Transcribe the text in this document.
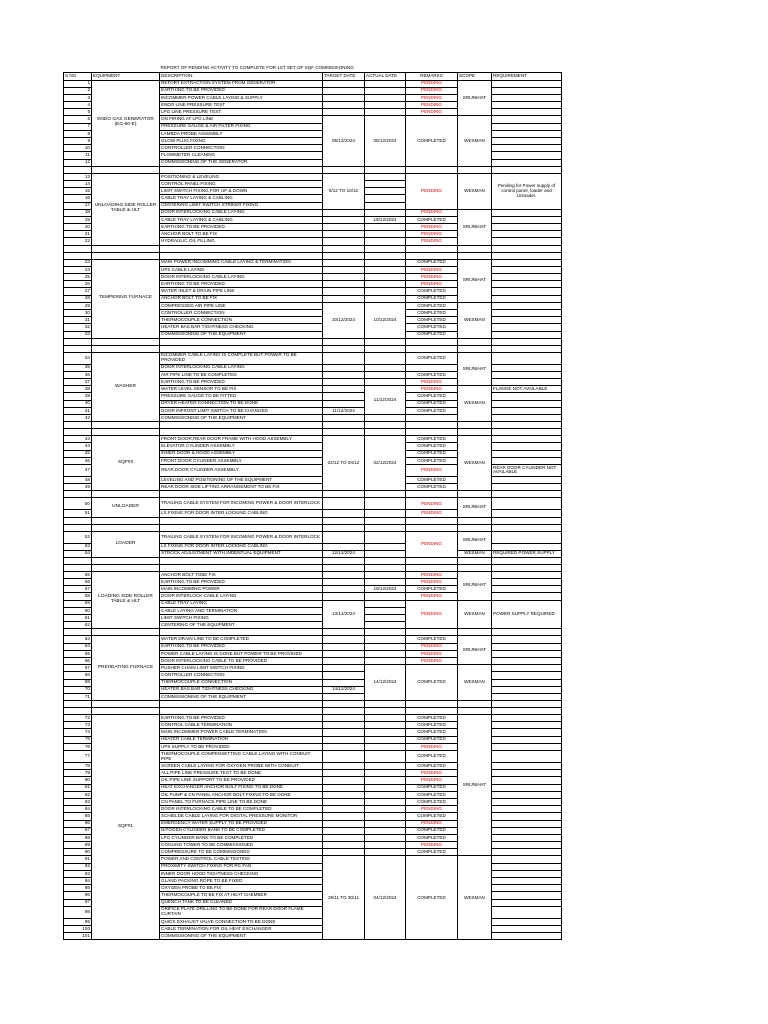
		REPORT OF PENDING ACTIVITY TO COMPLETE FOR 1ST SET OF SQF COMMISSIONING					
S NO	EQUIPMENT	DESCRIPTION	TARGET DATE	ACTUAL DATE	REMARKS	SCOPE	REQUIREMENT
1	ENDO GAS GENERATOR (EG-60-E)	RETORT EXTRACTION SYSTEM FROM GENERATOR			PENDING	SRIJNIHAT	
2		EARTHING TO BE PROVIDED			PENDING		
3		INCOMMER POWER CABLE LAYING & SUPPLY			PENDING		
4		ENDO LINE PRESSURE TEST			PENDING		
5		LPG LINE PRESSURE TEST			PENDING		
6		ON FIRING AT LPG LINE	05/12/2024	05/12/2024	COMPLETED	WESMAN	
7		PRESSURE GAUGE & AIR FILTER FIXING					
8		LAMBDA PROBE ASSEMBLY					
9		GLOW PLUG FIXING					
10		CONTROLLER CONNECTION					
11		FLOWMETER CLEANING					
12		COMMISSIONING OF THE GENERATOR					

13	UNLOADING SIDE ROLLER TABLE & HLT	POSITIONING & LEVELING	6/12 TO 10/12		PENDING	WESMAN	Pending for Power supply of control panel, loader and Unloader.
14		CONTROL PANEL FIXING					
15		LIMIT SWITCH FIXING FOR UP & DOWN					
16		CABLE TRAY LAYING & CABLING					
17		CENTERING LIMIT SWITCH STRIKER FIXING					
18		DOOR INTERLOCKING CABLE LAYING			PENDING	SRIJNIHAT	
19		CABLE TRAY LAYING & CABLING		19/12/2024	COMPLETED		
20		EARTHING TO BE PROVIDED			PENDING		
21		ANCHOR BOLT TO BE FIX			PENDING		
22		HYDRAULIC OIL FILLING			PENDING		

23	TEMPERING FURNACE	MAIN POWER INCOMMING CABLE LAYING & TERMINATION			COMPLETED	SRIJNIHAT	
24		UPS CABLE LAYING			PENDING		
25		DOOR INTERLOCKING CABLE LAYING			PENDING		
26		EARTHING TO BE PROVIDED			PENDING		
27		WATER INLET & DRAIN PIPE LINE			COMPLETED		
28		ANCHOR BOLT TO BE FIX			COMPLETED		
29		COMPRESSED AIR PIPE LINE	10/12/2024	10/12/2024	COMPLETED	WESMAN	
30		CONTROLLER CONNECTION			COMPLETED		
31		THERMOCOUPLE CONNECTION			COMPLETED		
32		HEATER BAS BAR TIGHTNESS CHECKING			COMPLETED		
33		COMMISSIONING OF THE EQUIPMENT			COMPLETED		

34	WASHER	INCOMMER CABLE LAYING IS COMPLETE BUT POWER TO BE PROVIDED			COMPLETED	SRIJNIHAT	
35		DOOR INTERLOCKING CABLE LAYING					
36		AIR PIPE LINE TO BE COMPLETED			COMPLETED		
37		EARTHING TO BE PROVIDED			PENDING		
38		WATER LEVEL SENSOR TO BE FIX		11/12/2024	PENDING	WESMAN	FLANGE NOT AVAILABLE
39		PRESSURE GAUGE TO BE FITTED			COMPLETED		
40		DRYER HEATER CONNECTION TO BE DONE			COMPLETED		
41		DOOR INFRONT LIMIT SWITCH TO BE CHANGED	11/12/2024		COMPLETED		
42		COMMISSIONING OF THE EQUIPMENT					

43	SQF#3	FRONT DOOR,REAR DOOR FRAME WITH HOOD ASSEMBLY	02/12 TO 04/12	02/12/2024	COMPLETED	WESMAN	
44		ELEVATOR CYLINDER ASSEMBLY			COMPLETED		
45		INNER DOOR & HOOD ASSEMBLY			COMPLETED		
46		FRONT DOOR CYLINDER ASSEMBLY			COMPLETED		
47		REAR DOOR CYLINDER ASSEMBLY			PENDING		REAR DOOR CYLINDER NOT AVAILABLE
48		LEVELING AND POSITIONING OF THE EQUIPMENT			COMPLETED		
49		REAR DOOR SIDE LIFTING ARRANGEMENT TO BE FIX			COMPLETED		

50	UNLOADER	TRAILING CABLE SYSTEM FOR INCOMING POWER & DOOR INTERLOCK			PENDING	SRIJNIHAT	
51		LS FIXING FOR DOOR INTER LOCKING CABLING			PENDING		

52	LOADER	TRAILING CABLE SYSTEM FOR INCOMING POWER & DOOR INTERLOCK			PENDING	SRIJNIHAT	
53		LS FIXING FOR DOOR INTER LOCKING CABLING					
54		STROCK ADJUSTMENT WITH INDENTUAL EQUIPMENT	12/12/2024			WESMAN	REQUIRED POWER SUPPLY

55	LOADING SIDE ROLLER TABLE & HLT	ANCHOR BOLT TOBE FIX			PENDING	SRIJNIHAT	
56		EARTHING TO BE PROVIDED			PENDING		
57		MAIN INCOMMING POWER		19/12/2024	COMPLETED		
58		DOOR INTERLOCK CABLE LAYING			PENDING		
59		CABLE TRAY LAYING	13/12/2024		PENDING	WESMAN	POWER SUPPLY REQUIRED
60		CABLE LAYING AND TERMINATION					
61		LIMIT SWITCH FIXING					
62		CENTERING OF THE EQUIPMENT					

63	PREHEATING FURNACE	WATER DRAIN LINE TO BE COMPLETED			COMPLETED	SRIJNIHAT	
64		EARTHING TO BE PROVIDED			PENDING		
65		POWER CABLE LAYING IS DONE BUT POWER TO BE PROVIDED			PENDING		
66		DOOR INTERLOCKING CABLE TO BE PROVIDED			PENDING		
67		PUSHER CHAIN LIMIT SWITCH FIXING		14/12/2024	COMPLETED	WESMAN	
68		CONTROLLER CONNECTION					
69		THERMOCOUPLE CONNECTION					
70		HEATER BAS BAR TIGHTNESS CHECKING	14/12/2024				
71		COMMISSIONING OF THE EQUIPMENT					

72	SQF#1	EARTHING TO BE PROVIDED			COMPLETED	SRIJNIHAT	
73		CONTROL CABLE TERMINATION			COMPLETED		
74		MAIN INCOMMER POWER CABLE TERMINATION			COMPLETED		
75		HEATER CABLE TERMINATION			COMPLETED		
76		UPS SUPPLY TO BE PROVIDED			PENDING		
77		THERMOCOUPLE COMPENSETTING CABLE LAYING WITH CONDUIT PIPE			COMPLETED		
78		SCREEN CABLE LAYING FOR OXYGEN PROBE WITH CONDUIT			COMPLETED		
79		ALL PIPE LINE PRESSURE TEST TO BE DONE			PENDING		
80		OIL PIPE LINE SUPPORT TO BE PROVIDED			PENDING		
81		HEAT EXCHANGER ANCHOR BOLT FIXING TO BE DONE			COMPLETED		
82		OIL PUMP & CN PANEL ANCHOR BOLT FIXING TO BE DONE			COMPLETED		
83		CN PANEL TO FURNACE PIPE LINE TO BE DONE			COMPLETED		
84		DOOR INTERLOCKING CABLE TO BE COMPLETED			PENDING		
85		SCHIELDE CABLE LAYING FOR DIGITAL PRESSURE MONITOR			COMPLETED		
86		EMERGENCY WATER SUPPLY TO BE PROVIDED			PENDING		
87		NITOGEN CYLINDER BANK TO BE COMPLETED			COMPLETED		
88		LPG CYLINDER BANK TO BE COMPLETED			COMPLETED		
89		COOLING TOWER TO BE COMMISSIONED			PENDING		
90		COMPRESSURE TO BE COMMISSIONED			COMPLETED		
91		POWER AND CONTROL CABLE TESTING	29/11 TO 30/11	04/12/2024	COMPLETED	WESMAN	
92		PROXIMITY SWITCH FIXING FOR RC FAN					
93		INNER DOOR HOOD TIGHTNESS CHECKING					
94		GLAND PACKING ROPE TO BE FIXED					
95		OXYGEN PROBE TO BE FIX					
96		THERMOCOUPLE TO BE FIX AT HEAT CHEMBER					
97		QUENCH TANK TO BE CLEANED					
98		ORIFICE PLATE DRILLING TO BE DONE FOR REAR DOOR FLAME CURTAIN					
99		QUICK EXHAUST VALVE CONNECTION TO BE DONE					
100		CABLE TERMINATION FOR OIL HEAT EXCHANGER					
101		COMMISSIONING OF THE EQUIPMENT					
